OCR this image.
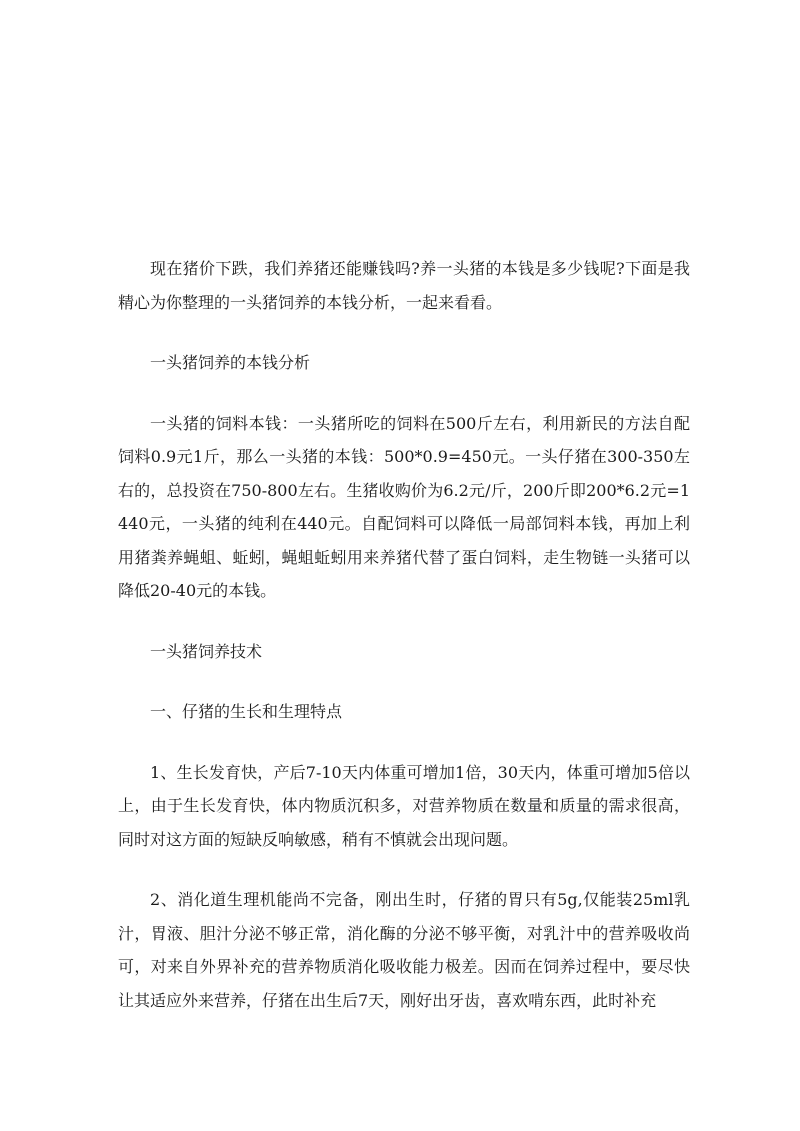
现在猪价下跌，我们养猪还能赚钱吗?养一头猪的本钱是多少钱呢?下面是我精心为你整理的一头猪饲养的本钱分析，一起来看看。

一头猪饲养的本钱分析

一头猪的饲料本钱：一头猪所吃的饲料在500斤左右，利用新民的方法自配饲料0.9元1斤，那么一头猪的本钱：500*0.9=450元。一头仔猪在300-350左右的，总投资在750-800左右。生猪收购价为6.2元/斤，200斤即200*6.2元=1440元，一头猪的纯利在440元。自配饲料可以降低一局部饲料本钱，再加上利用猪粪养蝇蛆、蚯蚓，蝇蛆蚯蚓用来养猪代替了蛋白饲料，走生物链一头猪可以降低20-40元的本钱。

一头猪饲养技术

一、仔猪的生长和生理特点

1、生长发育快，产后7-10天内体重可增加1倍，30天内，体重可增加5倍以上，由于生长发育快，体内物质沉积多，对营养物质在数量和质量的需求很高，同时对这方面的短缺反响敏感，稍有不慎就会出现问题。

2、消化道生理机能尚不完备，刚出生时，仔猪的胃只有5g,仅能装25ml乳汁，胃液、胆汁分泌不够正常，消化酶的分泌不够平衡，对乳汁中的营养吸收尚可，对来自外界补充的营养物质消化吸收能力极差。因而在饲养过程中，要尽快让其适应外来营养，仔猪在出生后7天，刚好出牙齿，喜欢啃东西，此时补充
